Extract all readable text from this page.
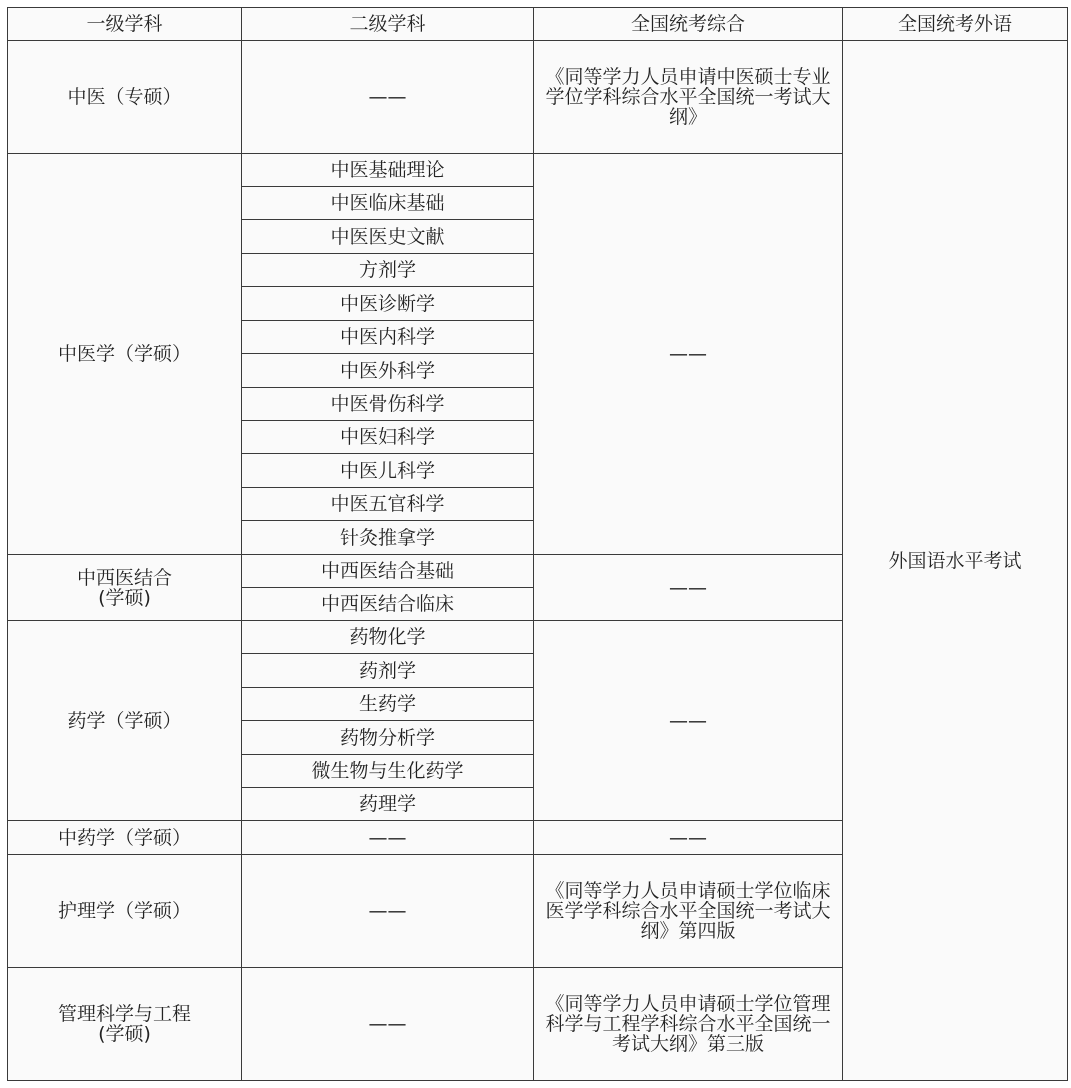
一级学科	二级学科	全国统考综合	全国统考外语
中医（专硕）	——	《同等学力人员申请中医硕士专业学位学科综合水平全国统一考试大纲》	外国语水平考试
中医学（学硕）	中医基础理论	——	
	中医临床基础		
	中医医史文献		
	方剂学		
	中医诊断学		
	中医内科学		
	中医外科学		
	中医骨伤科学		
	中医妇科学		
	中医儿科学		
	中医五官科学		
	针灸推拿学		

中西医结合
(学硕)	中西医结合基础	——	
	中西医结合临床		
药学（学硕）	药物化学	——	
	药剂学		
	生药学		
	药物分析学		
	微生物与生化药学		
	药理学		
中药学（学硕）	——	——	
护理学（学硕）	——	《同等学力人员申请硕士学位临床医学学科综合水平全国统一考试大纲》第四版	

管理科学与工程
(学硕)	——	《同等学力人员申请硕士学位管理科学与工程学科综合水平全国统一考试大纲》第三版	
